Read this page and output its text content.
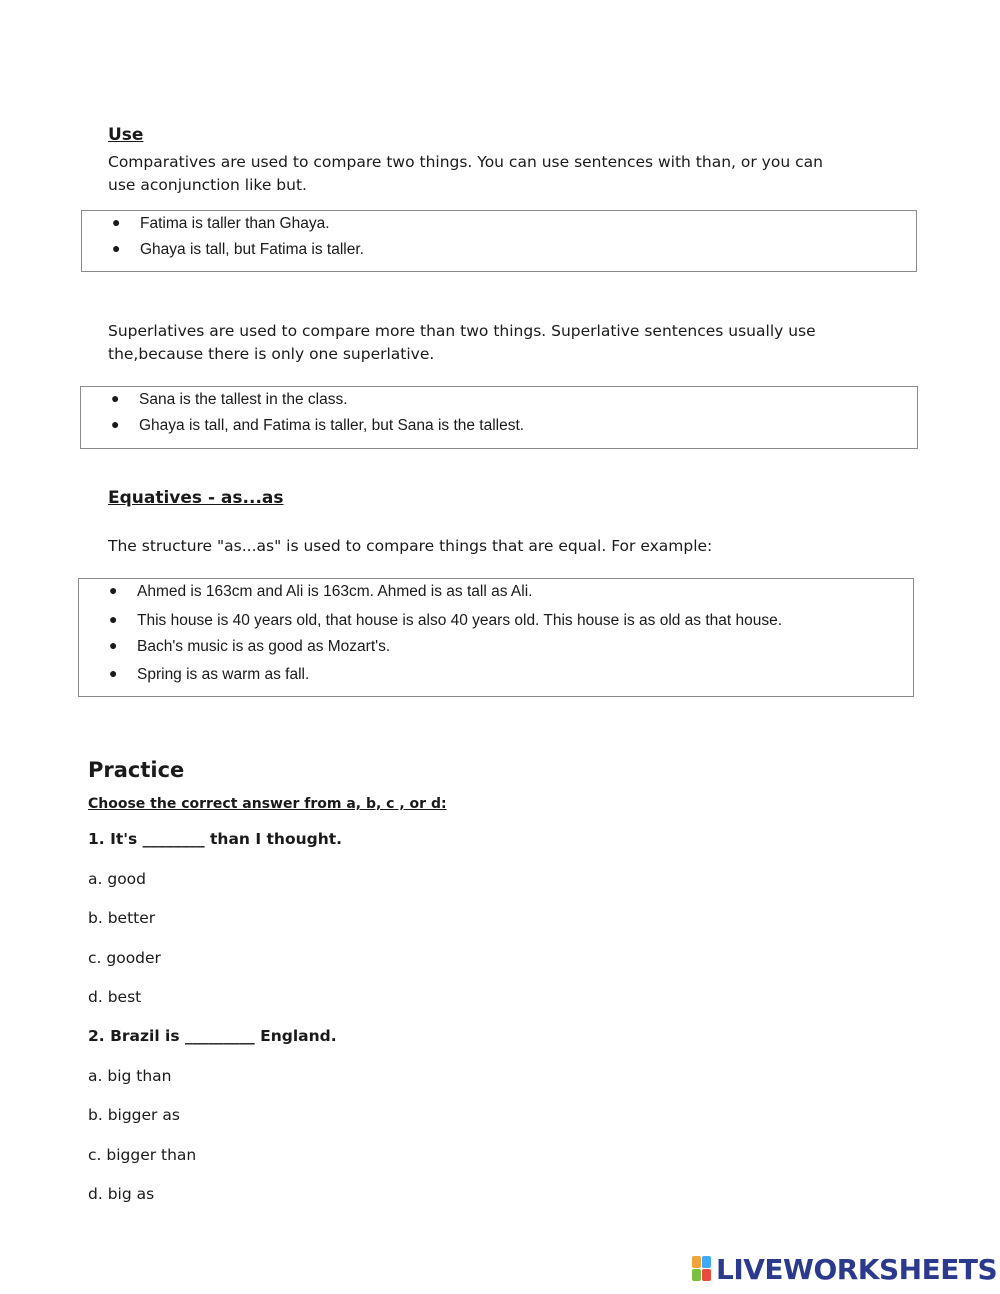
Use
Comparatives are used to compare two things. You can use sentences with than, or you can
use aconjunction like but.
● Fatima is taller than Ghaya.
● Ghaya is tall, but Fatima is taller.
Superlatives are used to compare more than two things. Superlative sentences usually use
the,because there is only one superlative.
● Sana is the tallest in the class.
● Ghaya is tall, and Fatima is taller, but Sana is the tallest.
Equatives - as...as
The structure "as...as" is used to compare things that are equal. For example:
● Ahmed is 163cm and Ali is 163cm. Ahmed is as tall as Ali.
● This house is 40 years old, that house is also 40 years old. This house is as old as that house.
● Bach's music is as good as Mozart's.
● Spring is as warm as fall.
Practice
Choose the correct answer from a, b, c , or d:
1. It's ________ than I thought.
a. good
b. better
c. gooder
d. best
2. Brazil is _________ England.
a. big than
b. bigger as
c. bigger than
d. big as
LIVEWORKSHEETS
